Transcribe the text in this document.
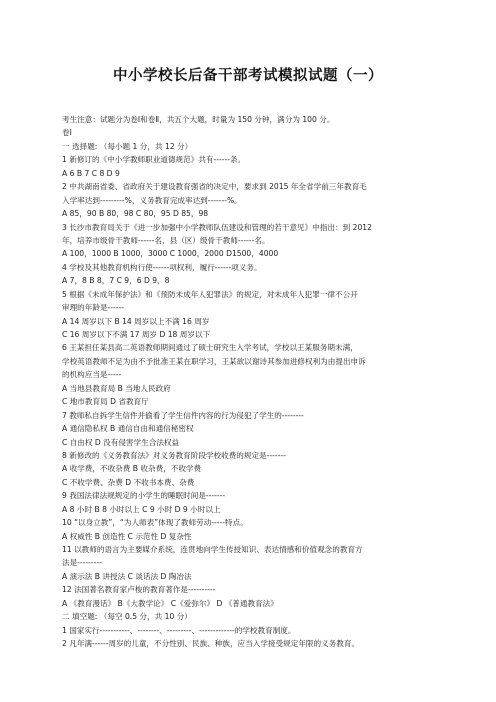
中小学校长后备干部考试模拟试题（一）
考生注意：试题分为卷Ⅰ和卷Ⅱ，共五个大题，时量为 150 分钟，满分为 100 分。
卷Ⅰ
一 选择题: （每小题 1 分，共 12 分）
1 新修订的《中小学教师职业道德规范》共有------条。
A 6 B 7 C 8 D 9
2 中共湖南省委、省政府关于建设教育强省的决定中，要求到 2015 年全省学前三年教育毛
入学率达到---------%，义务教育完成率达到-------%。
A 85，90 B 80，98 C 80，95 D 85，98
3 长沙市教育局关于《进一步加强中小学教师队伍建设和管理的若干意见》中指出：到 2012
年，培养市级骨干教师------名，县（区）级骨干教师------名。
A 100，1000 B 1000，3000 C 1000，2000 D1500，4000
4 学校及其他教育机构行使------项权利，履行------项义务。
A 7，8 B 8，7 C 9，6 D 9，8
5 根据《未成年保护法》和《预防未成年人犯罪法》的规定，对未成年人犯罪一律不公开
审理的年龄是------
A 14 周岁以下 B 14 周岁以上不满 16 周岁
C 16 周岁以下不满 17 周岁 D 18 周岁以下
6 王某担任某县高二英语教师期间通过了硕士研究生入学考试，学校以王某服务期未满，
学校英语教师不足为由不予批准王某在职学习，王某欲以谢诗其参加进修权利为由提出申诉
的机构应当是-----
A 当地县教育局 B 当地人民政府
C 地市教育局 D 省教育厅
7 教师私自拆学生信件并偷看了学生信件内容的行为侵犯了学生的--------
A 通信隐私权 B 通信自由和通信秘密权
C 自由权 D 没有侵害学生合法权益
8 新修改的《义务教育法》对义务教育阶段学校收费的规定是-------
A 收学费，不收杂费 B 收杂费，不收学费
C 不收学费、杂费 D 不收书本费、杂费
9 我国法律法规规定的小学生的睡眠时间是-------
A 8 小时 B 8 小时以上 C 9 小时 D 9 小时以上
10 “以身立教”，“为人师表”体现了教师劳动-----特点。
A 权威性 B 创造性 C 示范性 D 复杂性
11 以教师的语言为主要媒介系统，连贯地向学生传授知识、表达情感和价值观念的教育方
法是---------
A 演示法 B 讲授法 C 谈话法 D 陶冶法
12 法国著名教育家卢梭的教育著作是----------
A 《教育漫话》 B《大教学论》 C《爱弥尔》 D 《普通教育法》
二 填空题: （每空 0.5 分，共 10 分）
1 国家实行-----------、--------、---------、-------------的学校教育制度。
2 凡年满------周岁的儿童，不分性别、民族、种族，应当入学接受规定年限的义务教育。
